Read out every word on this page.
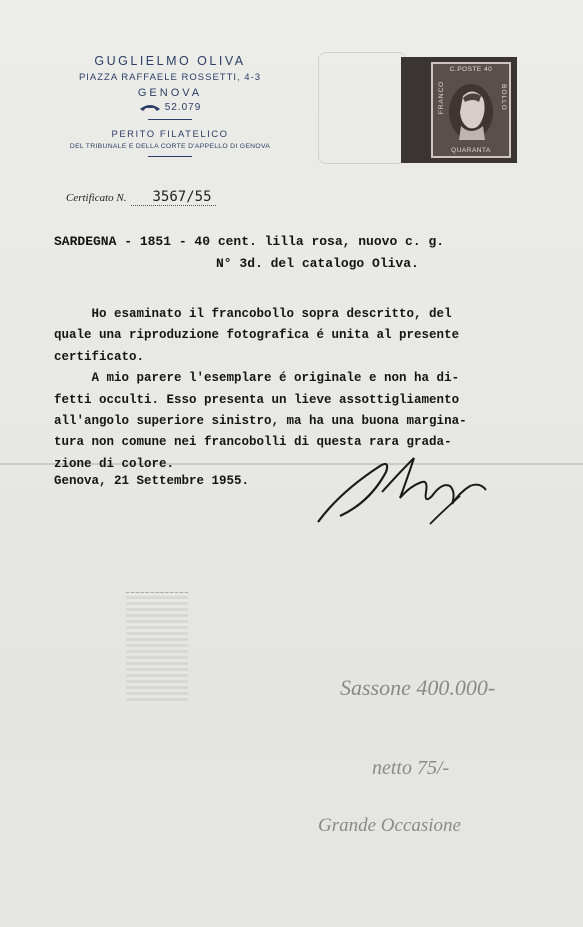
GUGLIELMO OLIVA
PIAZZA RAFFAELE ROSSETTI, 4-3
GENOVA
52.079
PERITO FILATELICO
DEL TRIBUNALE E DELLA CORTE D'APPELLO DI GENOVA
C.POSTE 40
FRANCO	BOLLO
QUARANTA
Certificato N. 3567/55
SARDEGNA - 1851 - 40 cent. lilla rosa, nuovo c. g.
N° 3d. del catalogo Oliva.
Ho esaminato il francobollo sopra descritto, del
quale una riproduzione fotografica é unita al presente
certificato.
A mio parere l'esemplare é originale e non ha di-
fetti occulti. Esso presenta un lieve assottigliamento
all'angolo superiore sinistro, ma ha una buona margina-
tura non comune nei francobolli di questa rara grada-
zione di colore.
Genova, 21 Settembre 1955.
Sassone 400.000-
netto 75/-
Grande Occasione
